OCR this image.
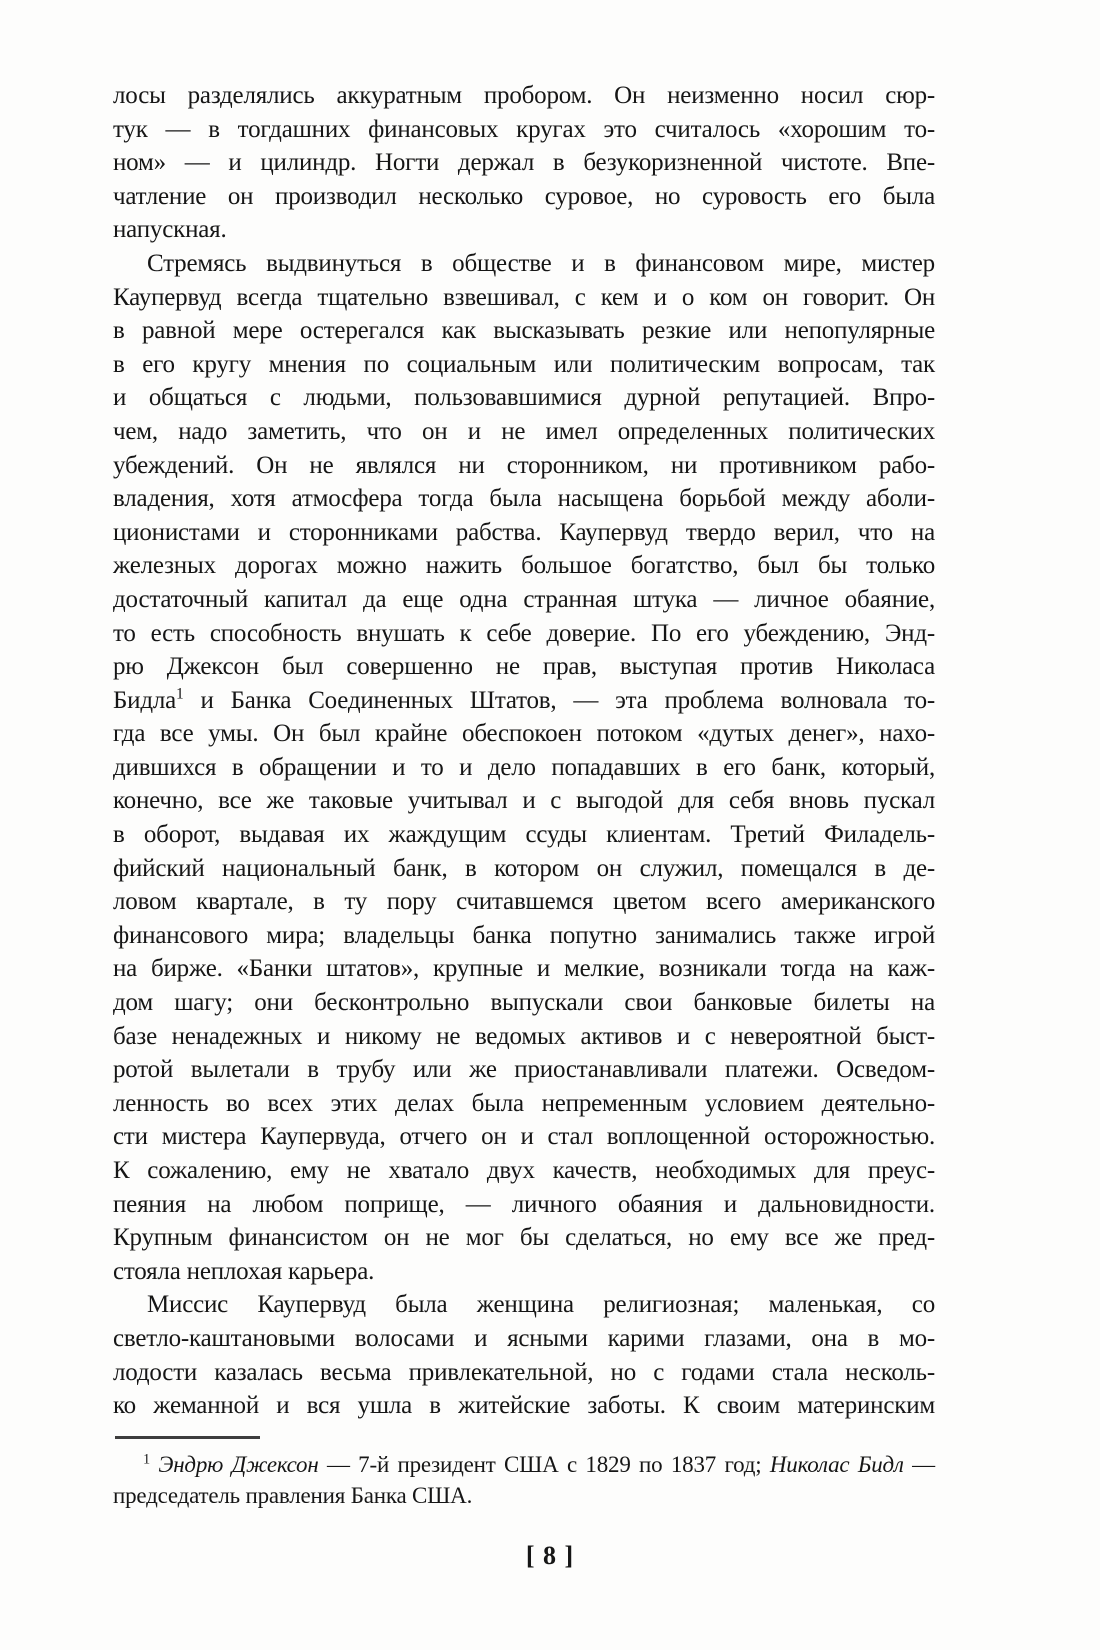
лосы разделялись аккуратным пробором. Он неизменно носил сюр-
тук — в тогдашних финансовых кругах это считалось «хорошим то-
ном» — и цилиндр. Ногти держал в безукоризненной чистоте. Впе-
чатление он производил несколько суровое, но суровость его была
напускная.
Стремясь выдвинуться в обществе и в финансовом мире, мистер
Каупервуд всегда тщательно взвешивал, с кем и о ком он говорит. Он
в равной мере остерегался как высказывать резкие или непопулярные
в его кругу мнения по социальным или политическим вопросам, так
и общаться с людьми, пользовавшимися дурной репутацией. Впро-
чем, надо заметить, что он и не имел определенных политических
убеждений. Он не являлся ни сторонником, ни противником рабо-
владения, хотя атмосфера тогда была насыщена борьбой между аболи-
ционистами и сторонниками рабства. Каупервуд твердо верил, что на
железных дорогах можно нажить большое богатство, был бы только
достаточный капитал да еще одна странная штука — личное обаяние,
то есть способность внушать к себе доверие. По его убеждению, Энд-
рю Джексон был совершенно не прав, выступая против Николаса
Бидла$^1$ и Банка Соединенных Штатов, — эта проблема волновала то-
гда все умы. Он был крайне обеспокоен потоком «дутых денег», нахо-
дившихся в обращении и то и дело попадавших в его банк, который,
конечно, все же таковые учитывал и с выгодой для себя вновь пускал
в оборот, выдавая их жаждущим ссуды клиентам. Третий Филадель-
фийский национальный банк, в котором он служил, помещался в де-
ловом квартале, в ту пору считавшемся цветом всего американского
финансового мира; владельцы банка попутно занимались также игрой
на бирже. «Банки штатов», крупные и мелкие, возникали тогда на каж-
дом шагу; они бесконтрольно выпускали свои банковые билеты на
базе ненадежных и никому не ведомых активов и с невероятной быст-
ротой вылетали в трубу или же приостанавливали платежи. Осведом-
ленность во всех этих делах была непременным условием деятельно-
сти мистера Каупервуда, отчего он и стал воплощенной осторожностью.
К сожалению, ему не хватало двух качеств, необходимых для преус-
пеяния на любом поприще, — личного обаяния и дальновидности.
Крупным финансистом он не мог бы сделаться, но ему все же пред-
стояла неплохая карьера.
Миссис Каупервуд была женщина религиозная; маленькая, со
светло-каштановыми волосами и ясными карими глазами, она в мо-
лодости казалась весьма привлекательной, но с годами стала несколь-
ко жеманной и вся ушла в житейские заботы. К своим материнским
$^1$ Эндрю Джексон — 7-й президент США с 1829 по 1837 год; Николас Бидл —
председатель правления Банка США.
[ 8 ]
